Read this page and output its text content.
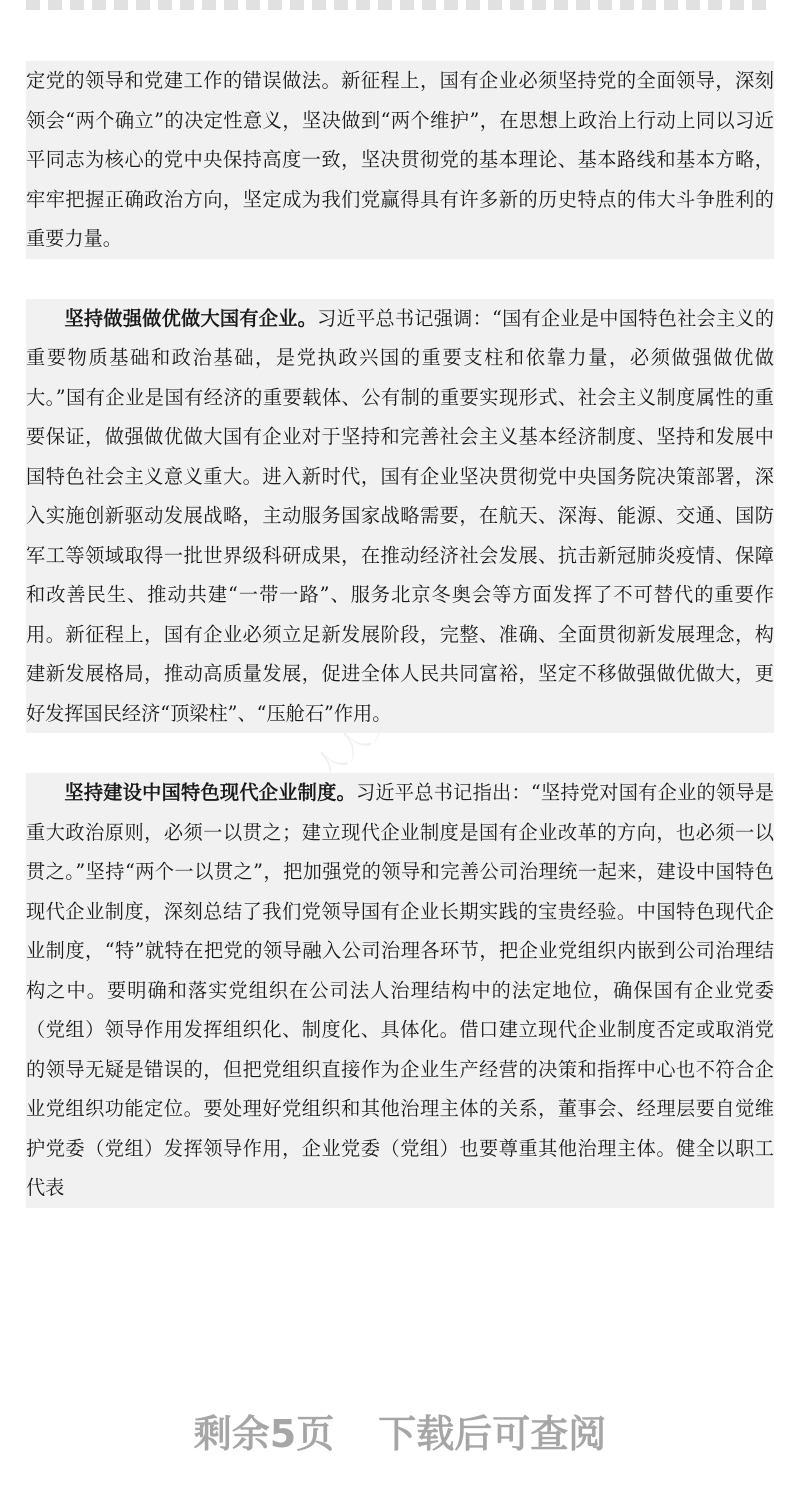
定党的领导和党建工作的错误做法。新征程上，国有企业必须坚持党的全面领导，深刻领会“两个确立”的决定性意义，坚决做到“两个维护”，在思想上政治上行动上同以习近平同志为核心的党中央保持高度一致，坚决贯彻党的基本理论、基本路线和基本方略，牢牢把握正确政治方向，坚定成为我们党赢得具有许多新的历史特点的伟大斗争胜利的重要力量。

坚持做强做优做大国有企业。习近平总书记强调：“国有企业是中国特色社会主义的重要物质基础和政治基础，是党执政兴国的重要支柱和依靠力量，必须做强做优做大。”国有企业是国有经济的重要载体、公有制的重要实现形式、社会主义制度属性的重要保证，做强做优做大国有企业对于坚持和完善社会主义基本经济制度、坚持和发展中国特色社会主义意义重大。进入新时代，国有企业坚决贯彻党中央国务院决策部署，深入实施创新驱动发展战略，主动服务国家战略需要，在航天、深海、能源、交通、国防军工等领域取得一批世界级科研成果，在推动经济社会发展、抗击新冠肺炎疫情、保障和改善民生、推动共建“一带一路”、服务北京冬奥会等方面发挥了不可替代的重要作用。新征程上，国有企业必须立足新发展阶段，完整、准确、全面贯彻新发展理念，构建新发展格局，推动高质量发展，促进全体人民共同富裕，坚定不移做强做优做大，更好发挥国民经济“顶梁柱”、“压舱石”作用。

坚持建设中国特色现代企业制度。习近平总书记指出：“坚持党对国有企业的领导是重大政治原则，必须一以贯之；建立现代企业制度是国有企业改革的方向，也必须一以贯之。”坚持“两个一以贯之”，把加强党的领导和完善公司治理统一起来，建设中国特色现代企业制度，深刻总结了我们党领导国有企业长期实践的宝贵经验。中国特色现代企业制度，“特”就特在把党的领导融入公司治理各环节，把企业党组织内嵌到公司治理结构之中。要明确和落实党组织在公司法人治理结构中的法定地位，确保国有企业党委（党组）领导作用发挥组织化、制度化、具体化。借口建立现代企业制度否定或取消党的领导无疑是错误的，但把党组织直接作为企业生产经营的决策和指挥中心也不符合企业党组织功能定位。要处理好党组织和其他治理主体的关系，董事会、经理层要自觉维护党委（党组）发挥领导作用，企业党委（党组）也要尊重其他治理主体。健全以职工代表

剩余5页 下载后可查阅
